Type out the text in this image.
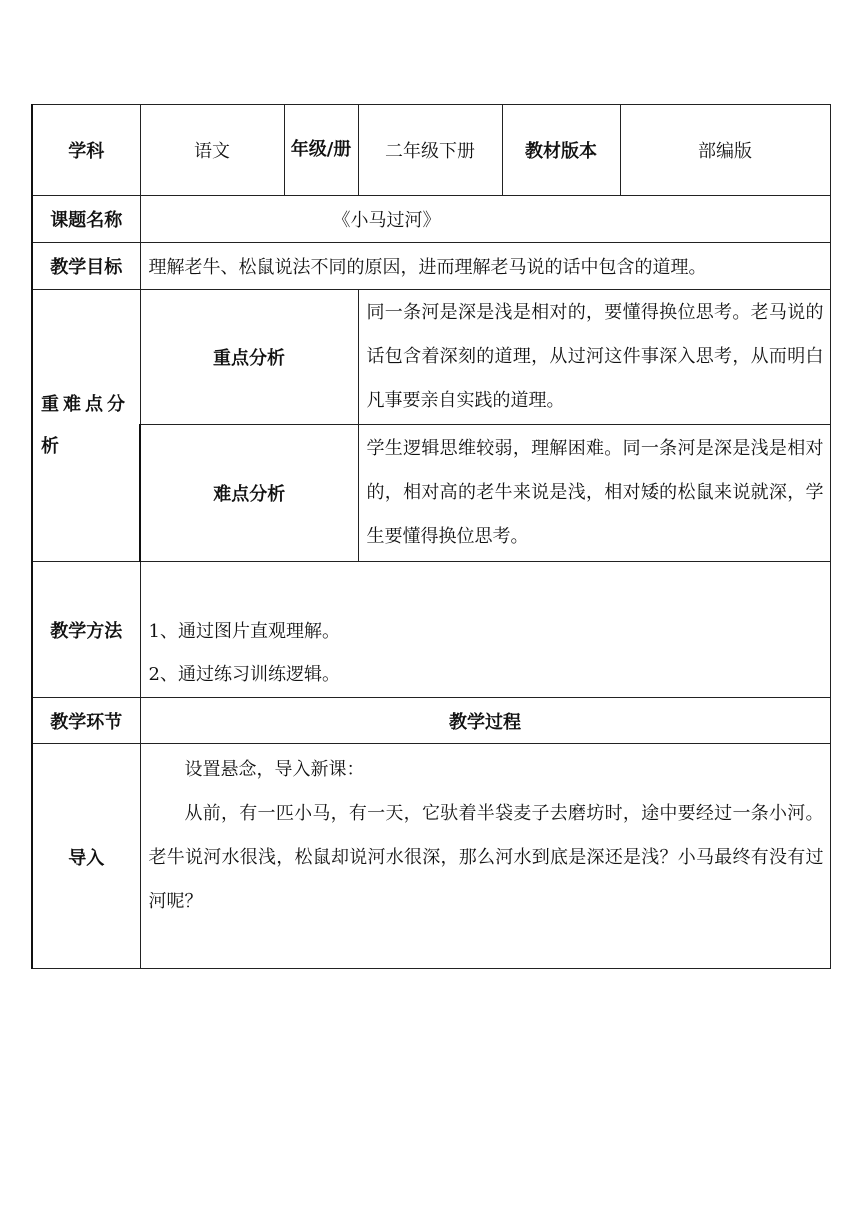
学科	语文	年级/册	二年级下册	教材版本	部编版
课题名称	《小马过河》				
教学目标	理解老牛、松鼠说法不同的原因，进而理解老马说的话中包含的道理。				
重难点分析	重点分析		同一条河是深是浅是相对的，要懂得换位思考。老马说的话包含着深刻的道理，从过河这件事深入思考，从而明白凡事要亲自实践的道理。		
	难点分析		学生逻辑思维较弱，理解困难。同一条河是深是浅是相对的，相对高的老牛来说是浅，相对矮的松鼠来说就深，学生要懂得换位思考。		
教学方法	1、通过图片直观理解。
2、通过练习训练逻辑。				

教学环节	教学过程				
导入	设置悬念，导入新课：
从前，有一匹小马，有一天，它驮着半袋麦子去磨坊时，途中要经过一条小河。老牛说河水很浅，松鼠却说河水很深，那么河水到底是深还是浅？小马最终有没有过河呢？				
